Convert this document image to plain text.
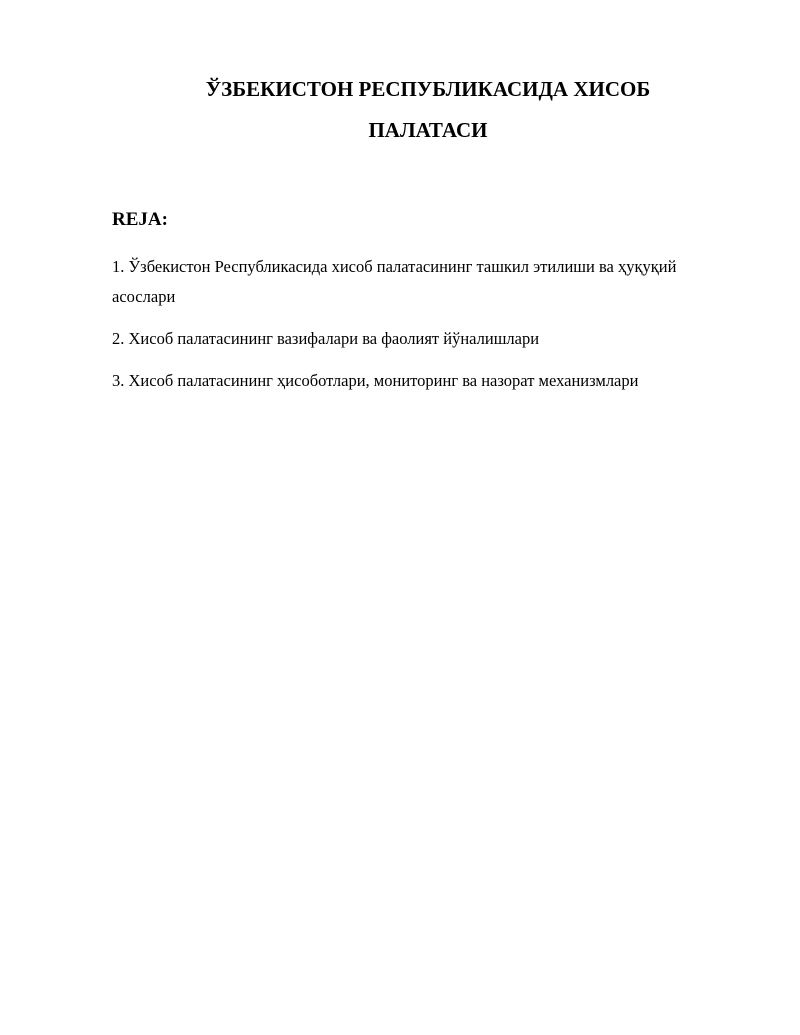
ЎЗБЕКИСТОН РЕСПУБЛИКАСИДА ХИСОБ
ПАЛАТАСИ
REJA:
1. Ўзбекистон Республикасида хисоб палатасининг ташкил этилиши ва ҳуқуқий
асослари
2. Хисоб палатасининг вазифалари ва фаолият йўналишлари
3. Хисоб палатасининг ҳисоботлари, мониторинг ва назорат механизмлари
